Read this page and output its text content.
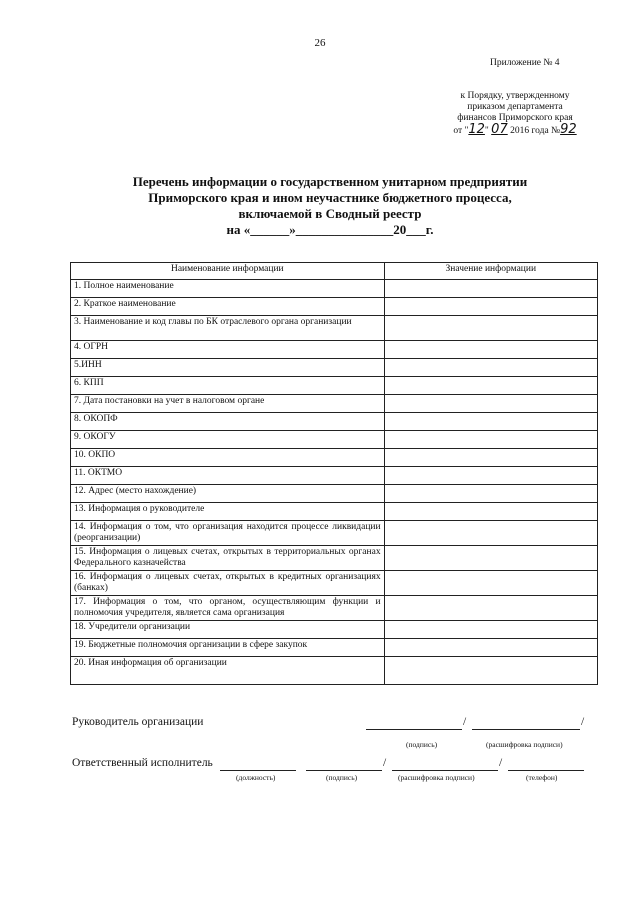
26
Приложение № 4
к Порядку, утвержденному
приказом департамента
финансов Приморского края
от "12" 07 2016 года №92
Перечень информации о государственном унитарном предприятии
Приморского края и ином неучастнике бюджетного процесса,
включаемой в Сводный реестр
на «______»_______________20___г.
Наименование информации	Значение информации
1. Полное наименование	
2. Краткое наименование	
3. Наименование и код главы по БК отраслевого органа организации	
4. ОГРН	
5.ИНН	
6. КПП	
7. Дата постановки на учет в налоговом органе	
8. ОКОПФ	
9. ОКОГУ	
10. ОКПО	
11. ОКТМО	
12. Адрес (место нахождение)	
13. Информация о руководителе	
14. Информация о том, что организация находится процессе ликвидации (реорганизации)	
15. Информация о лицевых счетах, открытых в территориальных органах Федерального казначейства	
16. Информация о лицевых счетах, открытых в кредитных организациях (банках)	
17. Информация о том, что органом, осуществляющим функции и полномочия учредителя, является сама организация	
18. Учредители организации	
19. Бюджетные полномочия организации в сфере закупок	
20. Иная информация об организации	
Руководитель организации	/	/
(подпись)	(расшифровка подписи)
Ответственный исполнитель	/	/
(должность)	(подпись)	(расшифровка подписи)	(телефон)
